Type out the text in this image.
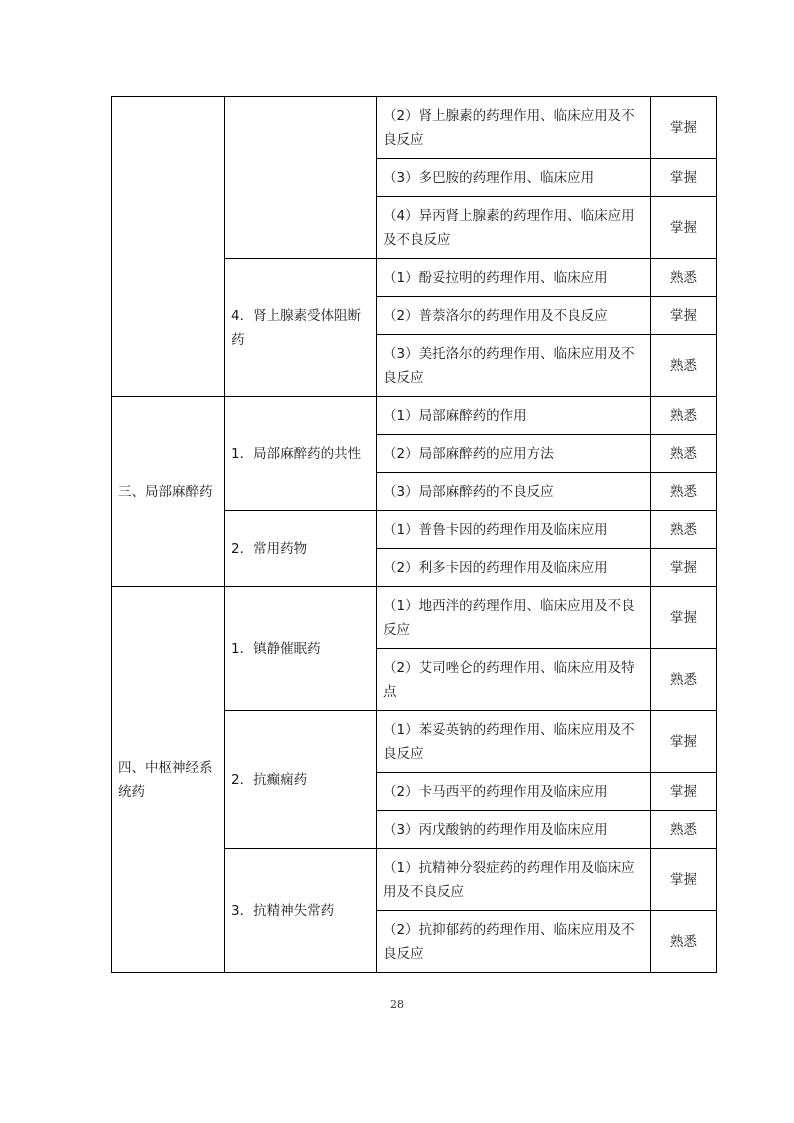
		（2）肾上腺素的药理作用、临床应用及不良反应	掌握
		（3）多巴胺的药理作用、临床应用	掌握
		（4）异丙肾上腺素的药理作用、临床应用及不良反应	掌握
	4．肾上腺素受体阻断药	（1）酚妥拉明的药理作用、临床应用	熟悉
		（2）普萘洛尔的药理作用及不良反应	掌握
		（3）美托洛尔的药理作用、临床应用及不良反应	熟悉
三、局部麻醉药	1．局部麻醉药的共性	（1）局部麻醉药的作用	熟悉
		（2）局部麻醉药的应用方法	熟悉
		（3）局部麻醉药的不良反应	熟悉
	2．常用药物	（1）普鲁卡因的药理作用及临床应用	熟悉
		（2）利多卡因的药理作用及临床应用	掌握
四、中枢神经系统药	1．镇静催眠药	（1）地西泮的药理作用、临床应用及不良反应	掌握
		（2）艾司唑仑的药理作用、临床应用及特点	熟悉
	2．抗癫痫药	（1）苯妥英钠的药理作用、临床应用及不良反应	掌握
		（2）卡马西平的药理作用及临床应用	掌握
		（3）丙戊酸钠的药理作用及临床应用	熟悉
	3．抗精神失常药	（1）抗精神分裂症药的药理作用及临床应用及不良反应	掌握
		（2）抗抑郁药的药理作用、临床应用及不良反应	熟悉
28
